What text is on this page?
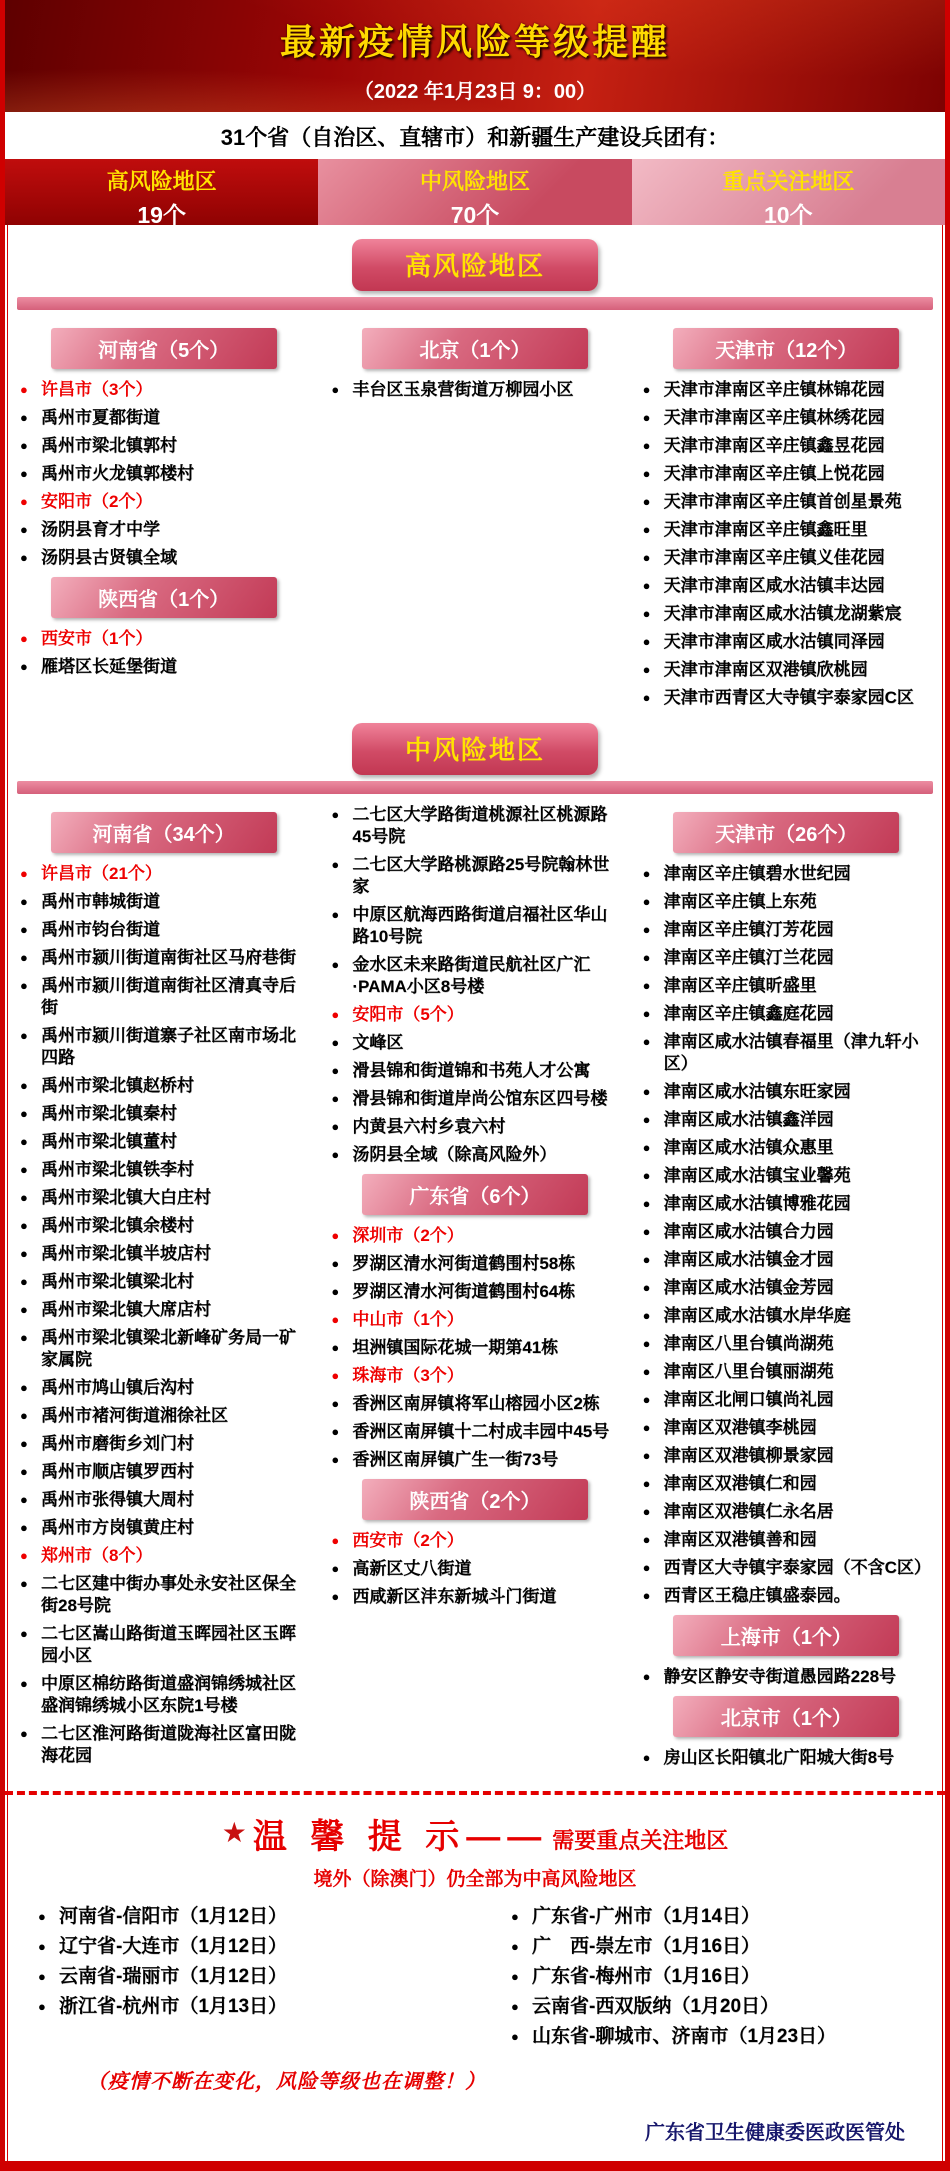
最新疫情风险等级提醒
（2022 年1月23日 9：00）
31个省（自治区、直辖市）和新疆生产建设兵团有：
高风险地区
19个
中风险地区
70个
重点关注地区
10个
高风险地区
河南省（5个）
● 许昌市（3个）
● 禹州市夏都街道
● 禹州市梁北镇郭村
● 禹州市火龙镇郭楼村
● 安阳市（2个）
● 汤阴县育才中学
● 汤阴县古贤镇全域
陕西省（1个）
● 西安市（1个）
● 雁塔区长延堡街道
北京（1个）
● 丰台区玉泉营街道万柳园小区
天津市（12个）
● 天津市津南区辛庄镇林锦花园
● 天津市津南区辛庄镇林绣花园
● 天津市津南区辛庄镇鑫昱花园
● 天津市津南区辛庄镇上悦花园
● 天津市津南区辛庄镇首创星景苑
● 天津市津南区辛庄镇鑫旺里
● 天津市津南区辛庄镇义佳花园
● 天津市津南区咸水沽镇丰达园
● 天津市津南区咸水沽镇龙湖紫宸
● 天津市津南区咸水沽镇同泽园
● 天津市津南区双港镇欣桃园
● 天津市西青区大寺镇宇泰家园C区
中风险地区
河南省（34个）
● 许昌市（21个）
● 禹州市韩城街道
● 禹州市钧台街道
● 禹州市颍川街道南街社区马府巷街
● 禹州市颍川街道南街社区清真寺后街
● 禹州市颍川街道寨子社区南市场北四路
● 禹州市梁北镇赵桥村
● 禹州市梁北镇秦村
● 禹州市梁北镇董村
● 禹州市梁北镇铁李村
● 禹州市梁北镇大白庄村
● 禹州市梁北镇余楼村
● 禹州市梁北镇半坡店村
● 禹州市梁北镇梁北村
● 禹州市梁北镇大席店村
● 禹州市梁北镇梁北新峰矿务局一矿家属院
● 禹州市鸠山镇后沟村
● 禹州市褚河街道湘徐社区
● 禹州市磨街乡刘门村
● 禹州市顺店镇罗西村
● 禹州市张得镇大周村
● 禹州市方岗镇黄庄村
● 郑州市（8个）
● 二七区建中街办事处永安社区保全街28号院
● 二七区嵩山路街道玉晖园社区玉晖园小区
● 中原区棉纺路街道盛润锦绣城社区盛润锦绣城小区东院1号楼
● 二七区淮河路街道陇海社区富田陇海花园
● 二七区大学路街道桃源社区桃源路45号院
● 二七区大学路桃源路25号院翰林世家
● 中原区航海西路街道启福社区华山路10号院
● 金水区未来路街道民航社区广汇·PAMA小区8号楼
● 安阳市（5个）
● 文峰区
● 滑县锦和街道锦和书苑人才公寓
● 滑县锦和街道岸尚公馆东区四号楼
● 内黄县六村乡袁六村
● 汤阴县全域（除高风险外）
广东省（6个）
● 深圳市（2个）
● 罗湖区清水河街道鹤围村58栋
● 罗湖区清水河街道鹤围村64栋
● 中山市（1个）
● 坦洲镇国际花城一期第41栋
● 珠海市（3个）
● 香洲区南屏镇将军山榕园小区2栋
● 香洲区南屏镇十二村成丰园中45号
● 香洲区南屏镇广生一街73号
陕西省（2个）
● 西安市（2个）
● 高新区丈八街道
● 西咸新区沣东新城斗门街道
天津市（26个）
● 津南区辛庄镇碧水世纪园
● 津南区辛庄镇上东苑
● 津南区辛庄镇汀芳花园
● 津南区辛庄镇汀兰花园
● 津南区辛庄镇昕盛里
● 津南区辛庄镇鑫庭花园
● 津南区咸水沽镇春福里（津九轩小区）
● 津南区咸水沽镇东旺家园
● 津南区咸水沽镇鑫洋园
● 津南区咸水沽镇众惠里
● 津南区咸水沽镇宝业馨苑
● 津南区咸水沽镇博雅花园
● 津南区咸水沽镇合力园
● 津南区咸水沽镇金才园
● 津南区咸水沽镇金芳园
● 津南区咸水沽镇水岸华庭
● 津南区八里台镇尚湖苑
● 津南区八里台镇丽湖苑
● 津南区北闸口镇尚礼园
● 津南区双港镇李桃园
● 津南区双港镇柳景家园
● 津南区双港镇仁和园
● 津南区双港镇仁永名居
● 津南区双港镇善和园
● 西青区大寺镇宇泰家园（不含C区）
● 西青区王稳庄镇盛泰园。
上海市（1个）
● 静安区静安寺街道愚园路228号
北京市（1个）
● 房山区长阳镇北广阳城大街8号
★ 温 馨 提 示—— 需要重点关注地区
境外（除澳门）仍全部为中高风险地区
● 河南省-信阳市（1月12日）
● 辽宁省-大连市（1月12日）
● 云南省-瑞丽市（1月12日）
● 浙江省-杭州市（1月13日）
● 广东省-广州市（1月14日）
● 广　西-崇左市（1月16日）
● 广东省-梅州市（1月16日）
● 云南省-西双版纳（1月20日）
● 山东省-聊城市、济南市（1月23日）
（疫情不断在变化，风险等级也在调整！）
广东省卫生健康委医政医管处
